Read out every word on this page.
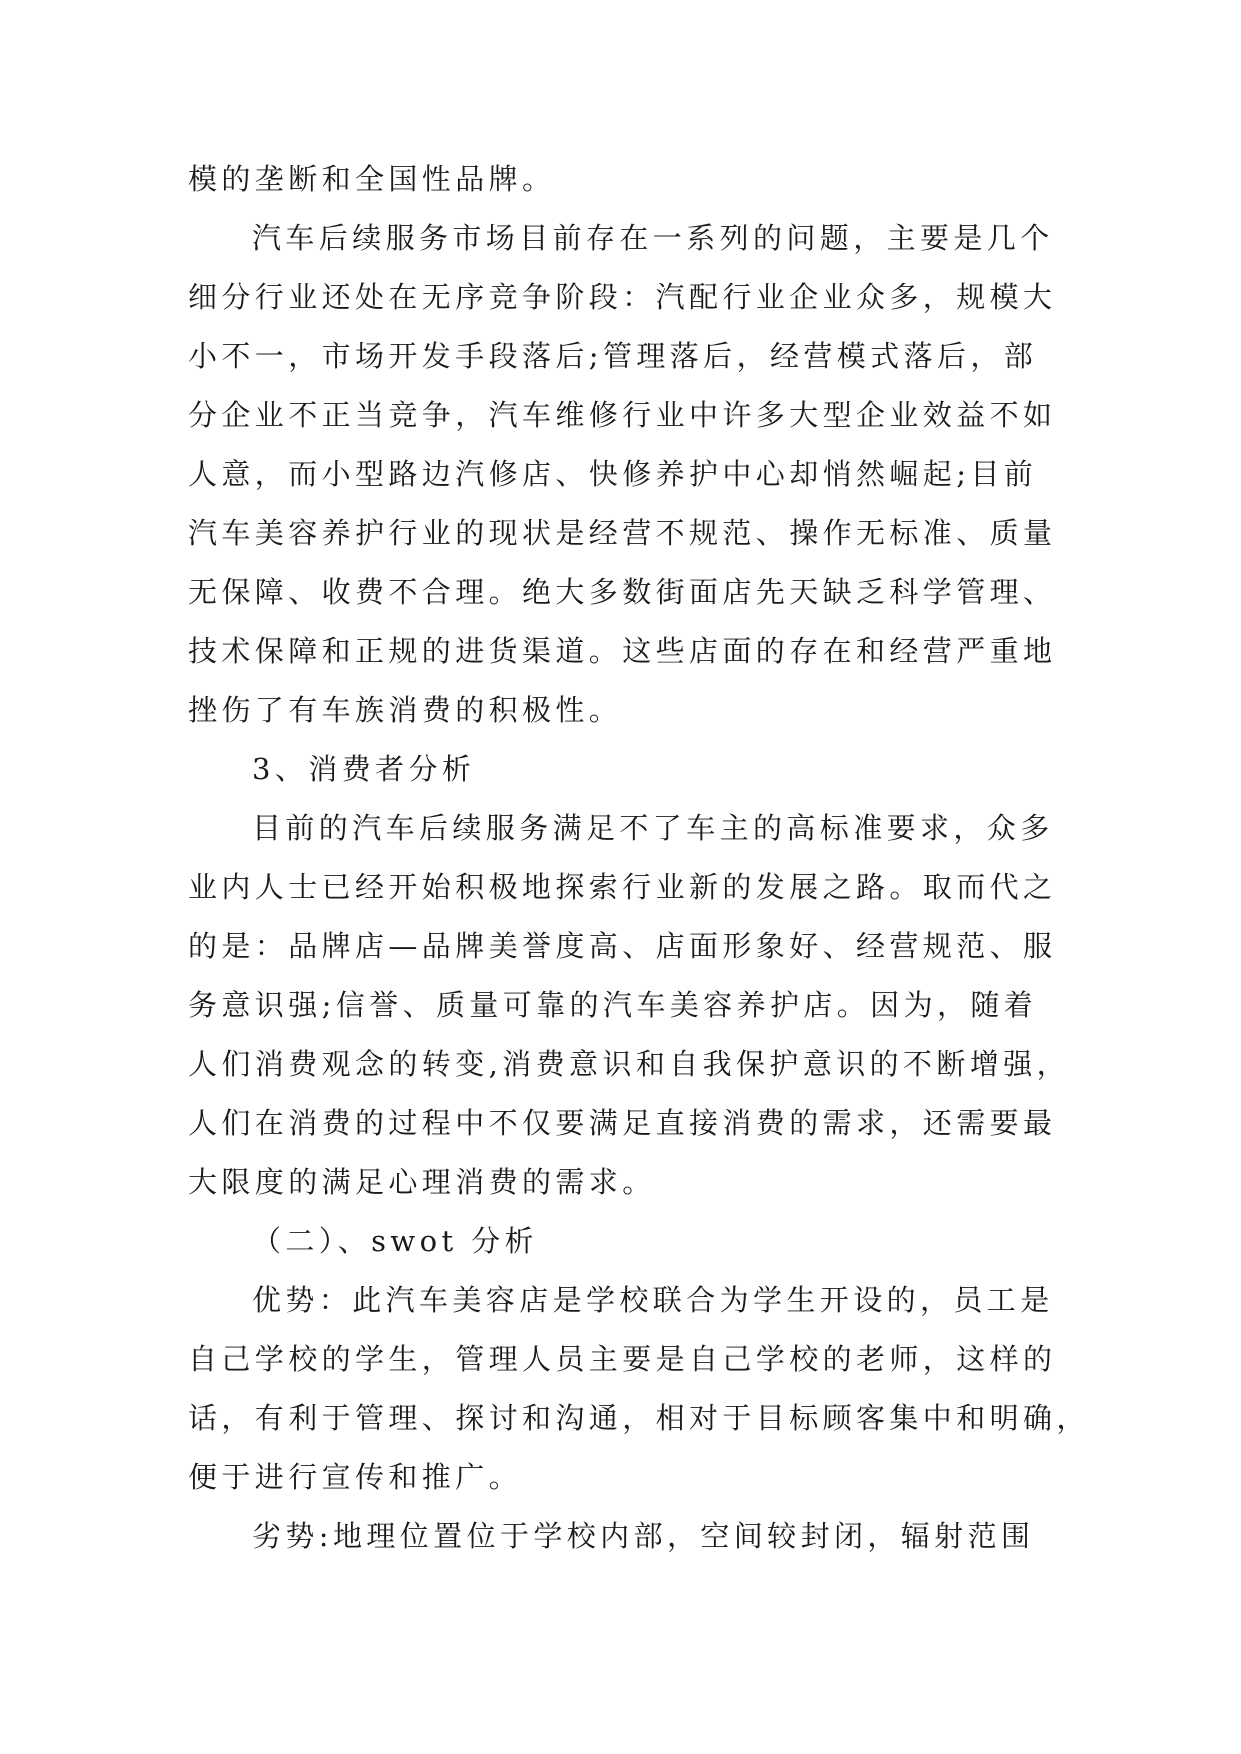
模的垄断和全国性品牌。
汽车后续服务市场目前存在一系列的问题，主要是几个
细分行业还处在无序竞争阶段：汽配行业企业众多，规模大
小不一，市场开发手段落后;管理落后，经营模式落后，部
分企业不正当竞争，汽车维修行业中许多大型企业效益不如
人意，而小型路边汽修店、快修养护中心却悄然崛起;目前
汽车美容养护行业的现状是经营不规范、操作无标准、质量
无保障、收费不合理。绝大多数街面店先天缺乏科学管理、
技术保障和正规的进货渠道。这些店面的存在和经营严重地
挫伤了有车族消费的积极性。
3、消费者分析
目前的汽车后续服务满足不了车主的高标准要求，众多
业内人士已经开始积极地探索行业新的发展之路。取而代之
的是：品牌店—品牌美誉度高、店面形象好、经营规范、服
务意识强;信誉、质量可靠的汽车美容养护店。因为，随着
人们消费观念的转变,消费意识和自我保护意识的不断增强，
人们在消费的过程中不仅要满足直接消费的需求，还需要最
大限度的满足心理消费的需求。
（二）、swot 分析
优势：此汽车美容店是学校联合为学生开设的，员工是
自己学校的学生，管理人员主要是自己学校的老师，这样的
话，有利于管理、探讨和沟通，相对于目标顾客集中和明确，
便于进行宣传和推广。
劣势:地理位置位于学校内部，空间较封闭，辐射范围
